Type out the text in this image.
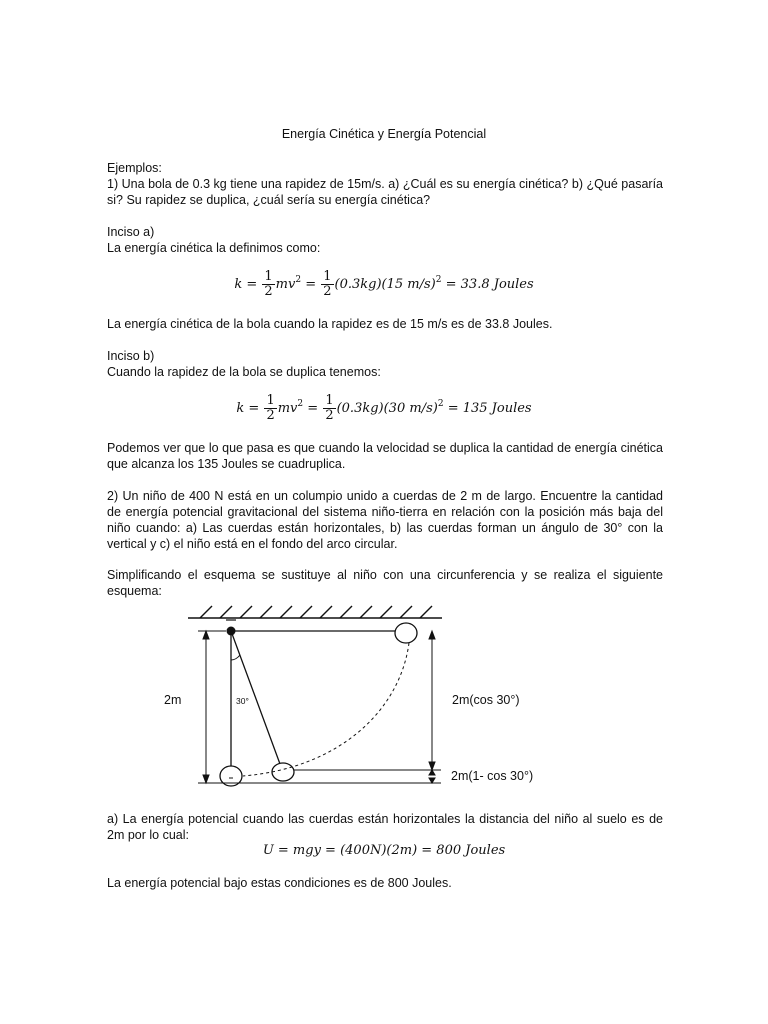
Energía Cinética y Energía Potencial
Ejemplos:
1) Una bola de 0.3 kg tiene una rapidez de 15m/s. a) ¿Cuál es su energía cinética? b) ¿Qué pasaría
si? Su rapidez se duplica, ¿cuál sería su energía cinética?
Inciso a)
La energía cinética la definimos como:
$k = \frac{1}{2} mv^2 = \frac{1}{2} (0.3kg)(15$ m/s)$^2$ = 33.8 Joules
La energía cinética de la bola cuando la rapidez es de 15 m/s es de 33.8 Joules.
Inciso b)
Cuando la rapidez de la bola se duplica tenemos:
$k = \frac{1}{2} mv^2 = \frac{1}{2} (0.3kg)(30$ m/s)$^2$ = 135 Joules
Podemos ver que lo que pasa es que cuando la velocidad se duplica la cantidad de energía cinética
que alcanza los 135 Joules se cuadruplica.
2) Un niño de 400 N está en un columpio unido a cuerdas de 2 m de largo. Encuentre la cantidad
de energía potencial gravitacional del sistema niño-tierra en relación con la posición más baja del
niño cuando: a) Las cuerdas están horizontales, b) las cuerdas forman un ángulo de 30° con la
vertical y c) el niño está en el fondo del arco circular.
Simplificando el esquema se sustituye al niño con una circunferencia y se realiza el siguiente
esquema:
2m	30°	2m(cos 30°)
2m(1- cos 30°)
a) La energía potencial cuando las cuerdas están horizontales la distancia del niño al suelo es de
2m por lo cual:
U = mgy = (400N)(2m) = 800 Joules
La energía potencial bajo estas condiciones es de 800 Joules.
